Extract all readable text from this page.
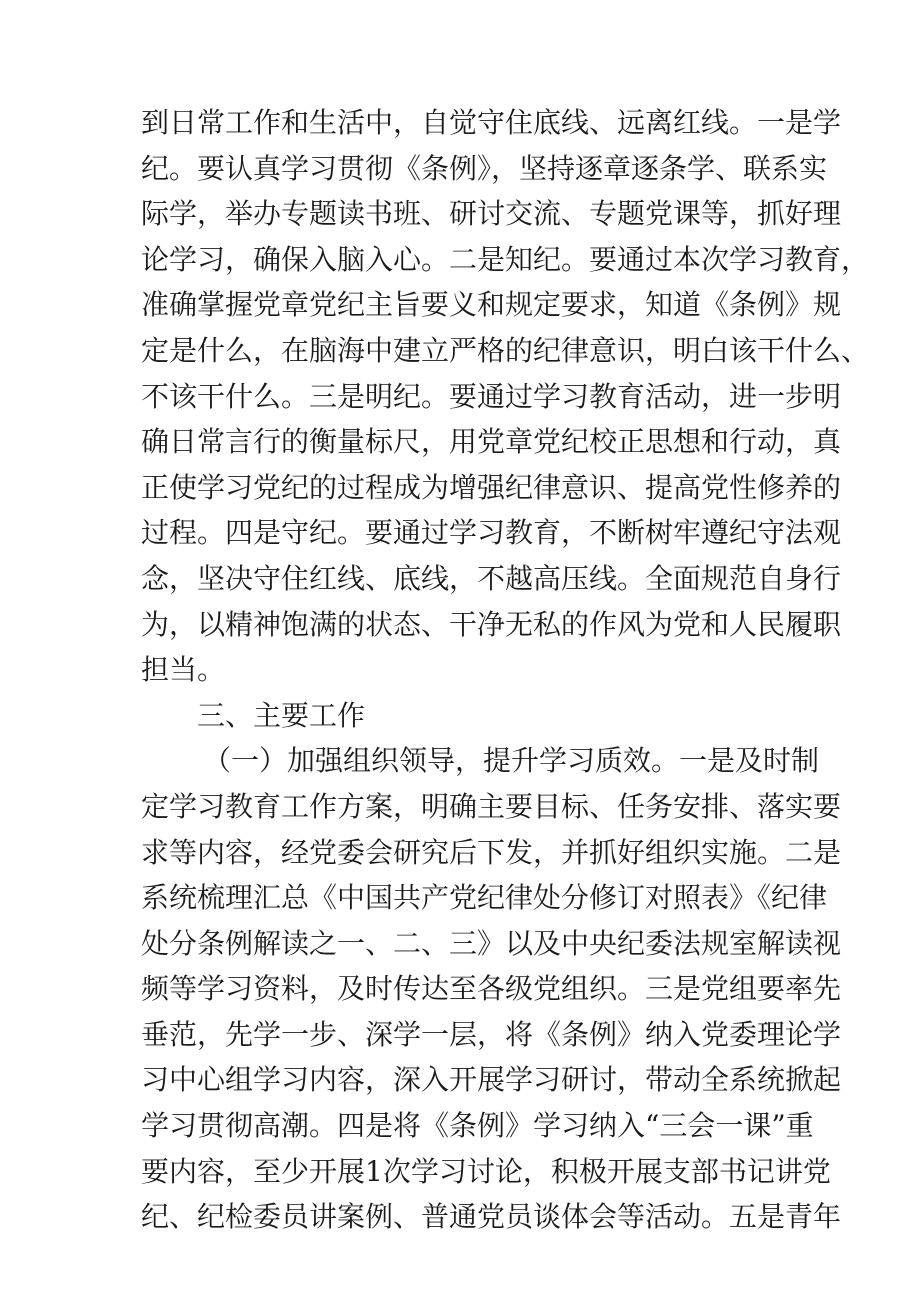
到日常工作和生活中，自觉守住底线、远离红线。一是学
纪。要认真学习贯彻《条例》，坚持逐章逐条学、联系实
际学，举办专题读书班、研讨交流、专题党课等，抓好理
论学习，确保入脑入心。二是知纪。要通过本次学习教育，
准确掌握党章党纪主旨要义和规定要求，知道《条例》规
定是什么，在脑海中建立严格的纪律意识，明白该干什么、
不该干什么。三是明纪。要通过学习教育活动，进一步明
确日常言行的衡量标尺，用党章党纪校正思想和行动，真
正使学习党纪的过程成为增强纪律意识、提高党性修养的
过程。四是守纪。要通过学习教育，不断树牢遵纪守法观
念，坚决守住红线、底线，不越高压线。全面规范自身行
为，以精神饱满的状态、干净无私的作风为党和人民履职
担当。
三、主要工作
（一）加强组织领导，提升学习质效。一是及时制
定学习教育工作方案，明确主要目标、任务安排、落实要
求等内容，经党委会研究后下发，并抓好组织实施。二是
系统梳理汇总《中国共产党纪律处分修订对照表》《纪律
处分条例解读之一、二、三》以及中央纪委法规室解读视
频等学习资料，及时传达至各级党组织。三是党组要率先
垂范，先学一步、深学一层，将《条例》纳入党委理论学
习中心组学习内容，深入开展学习研讨，带动全系统掀起
学习贯彻高潮。四是将《条例》学习纳入“三会一课”重
要内容，至少开展1次学习讨论，积极开展支部书记讲党
纪、纪检委员讲案例、普通党员谈体会等活动。五是青年
